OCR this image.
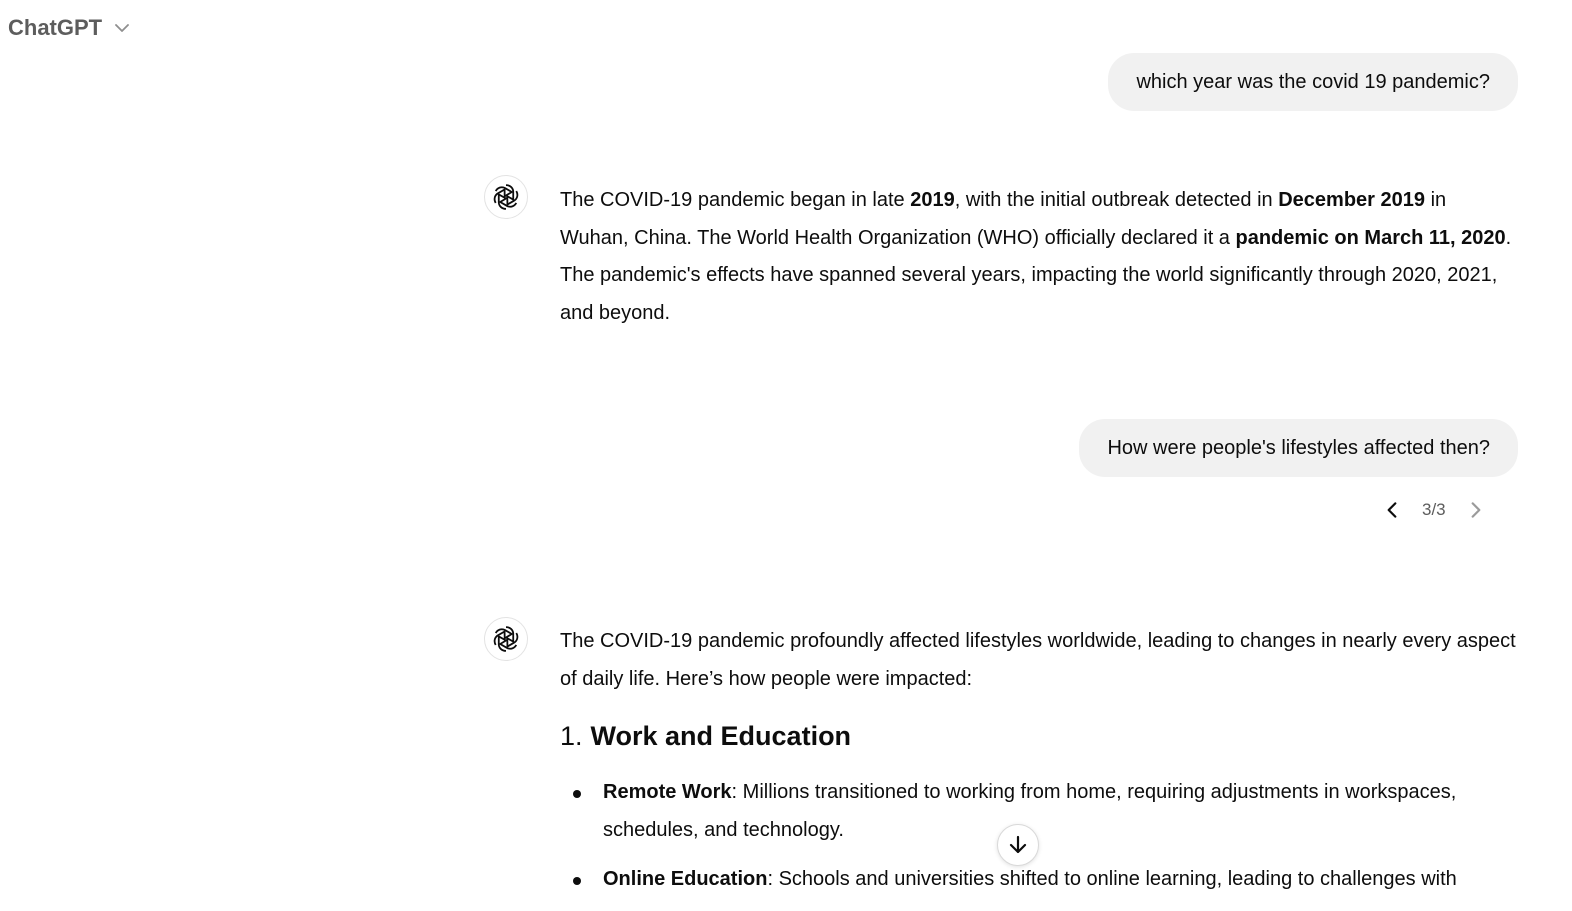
ChatGPT
which year was the covid 19 pandemic?
The COVID-19 pandemic began in late 2019, with the initial outbreak detected in December 2019 in Wuhan, China. The World Health Organization (WHO) officially declared it a pandemic on March 11, 2020. The pandemic's effects have spanned several years, impacting the world significantly through 2020, 2021, and beyond.
How were people's lifestyles affected then?
3/3
The COVID-19 pandemic profoundly affected lifestyles worldwide, leading to changes in nearly every aspect of daily life. Here’s how people were impacted:
1. Work and Education
Remote Work: Millions transitioned to working from home, requiring adjustments in workspaces, schedules, and technology.
Online Education: Schools and universities shifted to online learning, leading to challenges with
